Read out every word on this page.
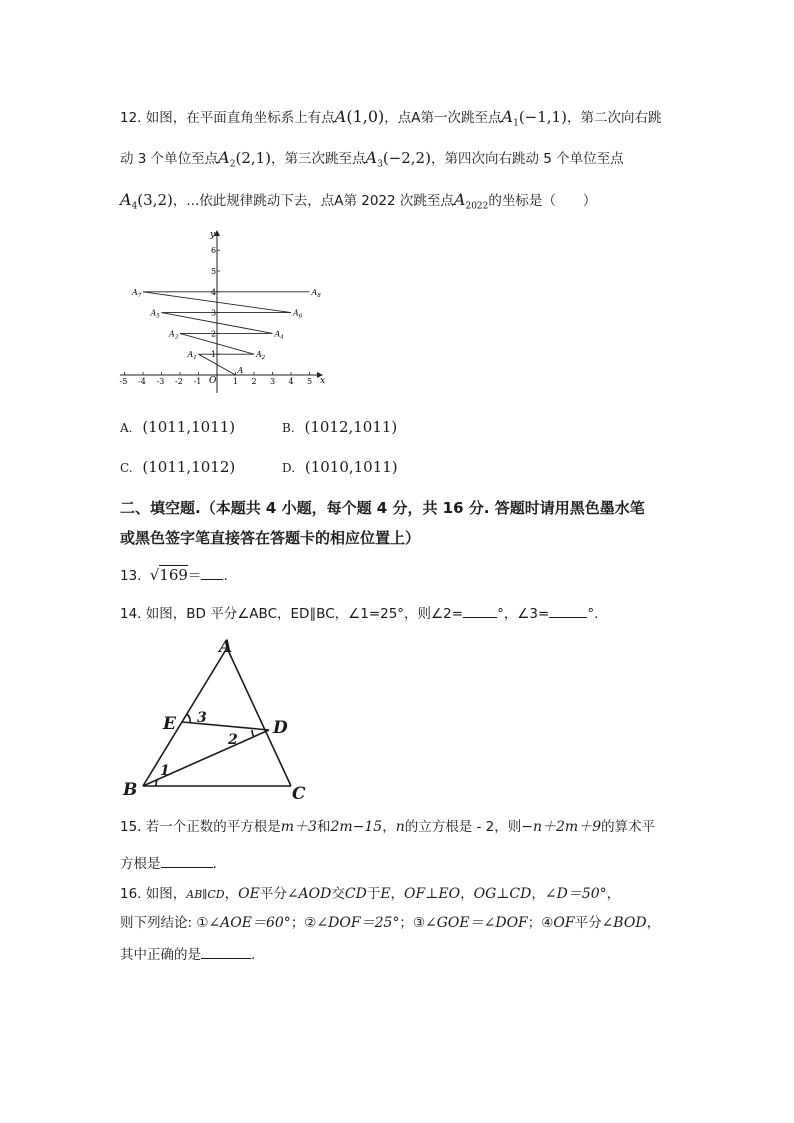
12. 如图，在平面直角坐标系上有点A(1,0)，点A第一次跳至点$A_1(-1,1)$，第二次向右跳
动 3 个单位至点$A_2(2,1)$，第三次跳至点$A_3(-2,2)$，第四次向右跳动 5 个单位至点
$A_4(3,2)$，...依此规律跳动下去，点A第 2022 次跳至点$A_{2022}$的坐标是（　　）
x
y
O
-5 -4 -3 -2 -1	1 2 3 4 5
1
2
3
4
5
6
A
$A_1$	$A_2$
$A_3$	$A_4$
$A_5$	$A_6$
$A_7$	$A_8$
A. (1011,1011)	B. (1012,1011)
C. (1011,1012)	D. (1010,1011)
二、填空题.（本题共 4 小题，每个题 4 分，共 16 分. 答题时请用黑色墨水笔
或黑色签字笔直接答在答题卡的相应位置上）
13. √169＝ .
14. 如图，BD 平分∠ABC，ED∥BC，∠1=25°，则∠2=	°，∠3=	°.
A
B	C
D
E
1
2
3
15. 若一个正数的平方根是m＋3和2m−15，n的立方根是 - 2，则−n＋2m＋9的算术平
方根是	.
16. 如图，AB∥CD，OE平分∠AOD交CD于E，OF⊥EO，OG⊥CD，∠D＝50°，
则下列结论: ①∠AOE＝60°；②∠DOF＝25°；③∠GOE＝∠DOF；④OF平分∠BOD，
其中正确的是	.
